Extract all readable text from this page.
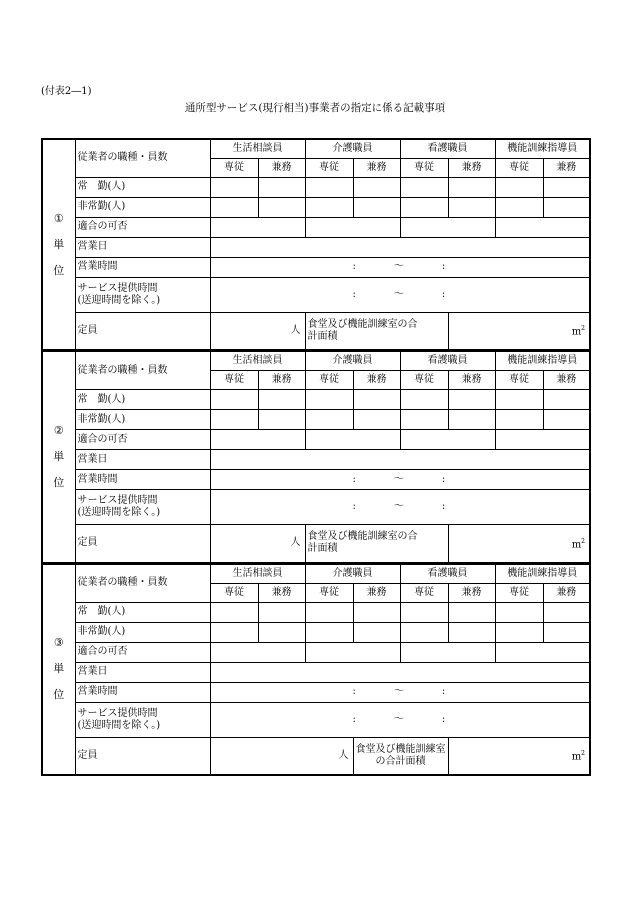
(付表2―1)
通所型サービス(現行相当)事業者の指定に係る記載事項
①
単
位	従業者の職種・員数	生活相談員		介護職員		看護職員		機能訓練指導員	
		専従	兼務	専従	兼務	専従	兼務	専従	兼務
	常　勤(人)								
	非常勤(人)								
	適合の可否								
	営業日								
	営業時間	: 〜 :							

	サービス提供時間
(送迎時間を除く。)	: 〜 :							
	定員	人		食堂及び機能訓練室の合
計面積			$m^2$
②
単
位	従業者の職種・員数	生活相談員		介護職員		看護職員		機能訓練指導員	
		専従	兼務	専従	兼務	専従	兼務	専従	兼務
	常　勤(人)								
	非常勤(人)								
	適合の可否								
	営業日								
	営業時間	: 〜 :							

	サービス提供時間
(送迎時間を除く。)	: 〜 :							
	定員	人		食堂及び機能訓練室の合
計面積			$m^2$
③
単
位	従業者の職種・員数	生活相談員		介護職員		看護職員		機能訓練指導員	
		専従	兼務	専従	兼務	専従	兼務	専従	兼務
	常　勤(人)								
	非常勤(人)								
	適合の可否								
	営業日								
	営業時間	: 〜 :							

	サービス提供時間
(送迎時間を除く。)	: 〜 :							
	定員	人			食堂及び機能訓練室
の合計面積		$m^2$
